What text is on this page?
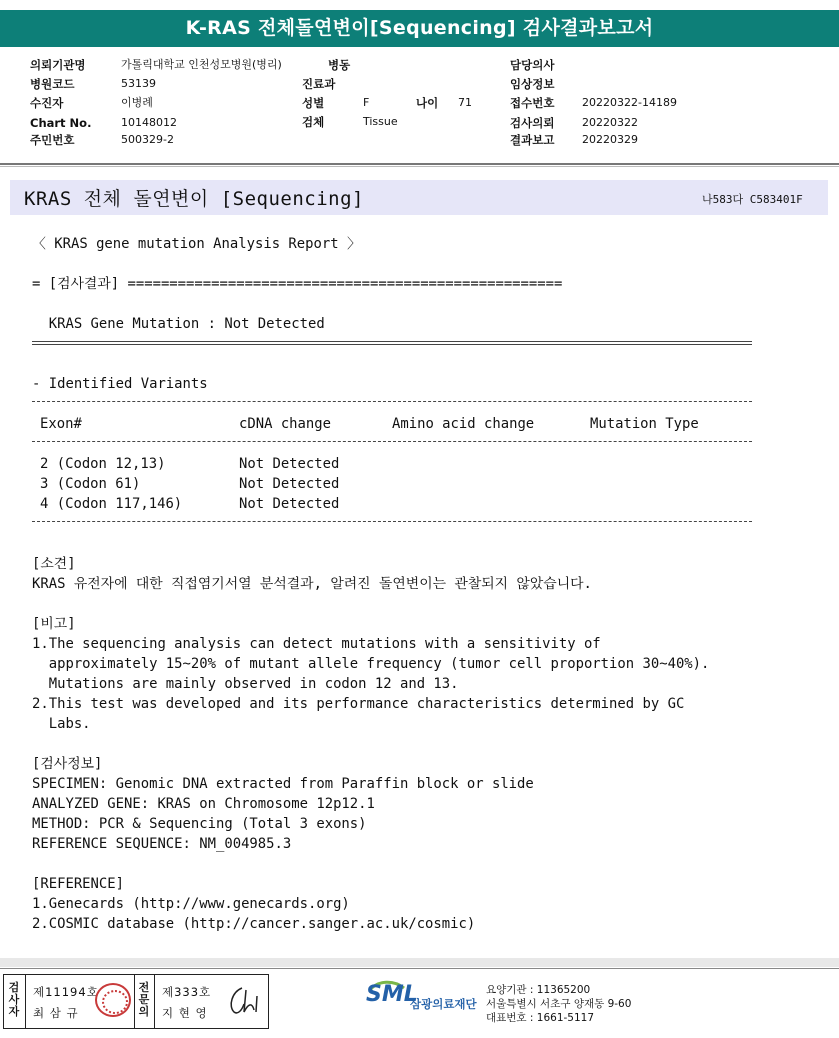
K-RAS 전체돌연변이[Sequencing] 검사결과보고서
의뢰기관명	가톨릭대학교 인천성모병원(병리)	병동	담당의사
병원코드	53139	진료과	임상정보
수진자	이병례	성별	F	나이 71	접수번호	20220322-14189
Chart No.	10148012	검체	Tissue	검사의뢰	20220322
주민번호	500329-2	결과보고	20220329
KRAS 전체 돌연변이 [Sequencing]	나583다 C583401F
〈 KRAS gene mutation Analysis Report 〉
= [검사결과] ====================================================
KRAS Gene Mutation : Not Detected
- Identified Variants
Exon#	cDNA change	Amino acid change	Mutation Type
2 (Codon 12,13)	Not Detected
3 (Codon 61)	Not Detected
4 (Codon 117,146)	Not Detected
[소견]
KRAS 유전자에 대한 직접염기서열 분석결과, 알려진 돌연변이는 관찰되지 않았습니다.
[비고]
1.The sequencing analysis can detect mutations with a sensitivity of
approximately 15~20% of mutant allele frequency (tumor cell proportion 30~40%).
Mutations are mainly observed in codon 12 and 13.
2.This test was developed and its performance characteristics determined by GC
Labs.
[검사정보]
SPECIMEN: Genomic DNA extracted from Paraffin block or slide
ANALYZED GENE: KRAS on Chromosome 12p12.1
METHOD: PCR & Sequencing (Total 3 exons)
REFERENCE SEQUENCE: NM_004985.3
[REFERENCE]
1.Genecards (http://www.genecards.org)
2.COSMIC database (http://cancer.sanger.ac.uk/cosmic)
검사자
제11194호
최 삼 규
전문의
제333호
지 현 영
SML
삼광의료재단
요양기관 : 11365200
서울특별시 서초구 양재동 9-60
대표번호 : 1661-5117
